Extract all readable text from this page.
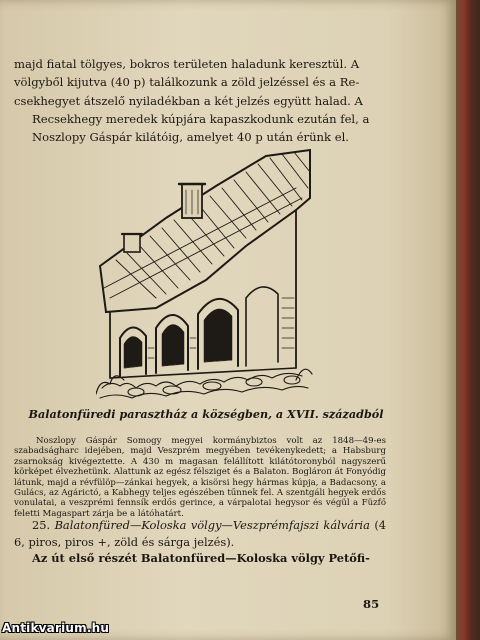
majd fiatal tölgyes, bokros területen haladunk keresztül. A
völgyből kijutva (40 p) találkozunk a zöld jelzéssel és a Re-
csekhegyet átszelő nyiladékban a két jelzés együtt halad. A
Recsekhegy meredek kúpjára kapaszkodunk ezután fel, a
Noszlopy Gáspár kilátóig, amelyet 40 p után érünk el.
Balatonfüredi parasztház a községben, a XVII. századból
Noszlopy Gáspár Somogy megyei kormánybiztos volt az 1848—49-es szabadságharc idejében, majd Veszprém megyében tevékenykedett; a Habsburg zsarnokság kivégeztette. A 430 m magasan felállított kilátótoronyból nagyszerű körképet élvezhetünk. Alattunk az egész félsziget és a Balaton. Boglároп át Fonyódig látunk, majd a révfülöp—zánkai hegyek, a kisörsi hegy hármas kúpja, a Badacsony, a Gulács, az Agárictó, a Kabhegy teljes egészében tűnnek fel. A szentgáli hegyek erdős vonulatai, a veszprémi fennsík erdős gerince, a várpalotai hegysor és végül a Füzfő feletti Magaspart zárja be a látóhatárt.
25. Balatonfüred—Koloska völgy—Veszprémfajszi kálvária (4 6, piros, piros +, zöld és sárga jelzés).
Az út első részét Balatonfüred—Koloska völgy Petőfi-
85
Antikvarium.hu
